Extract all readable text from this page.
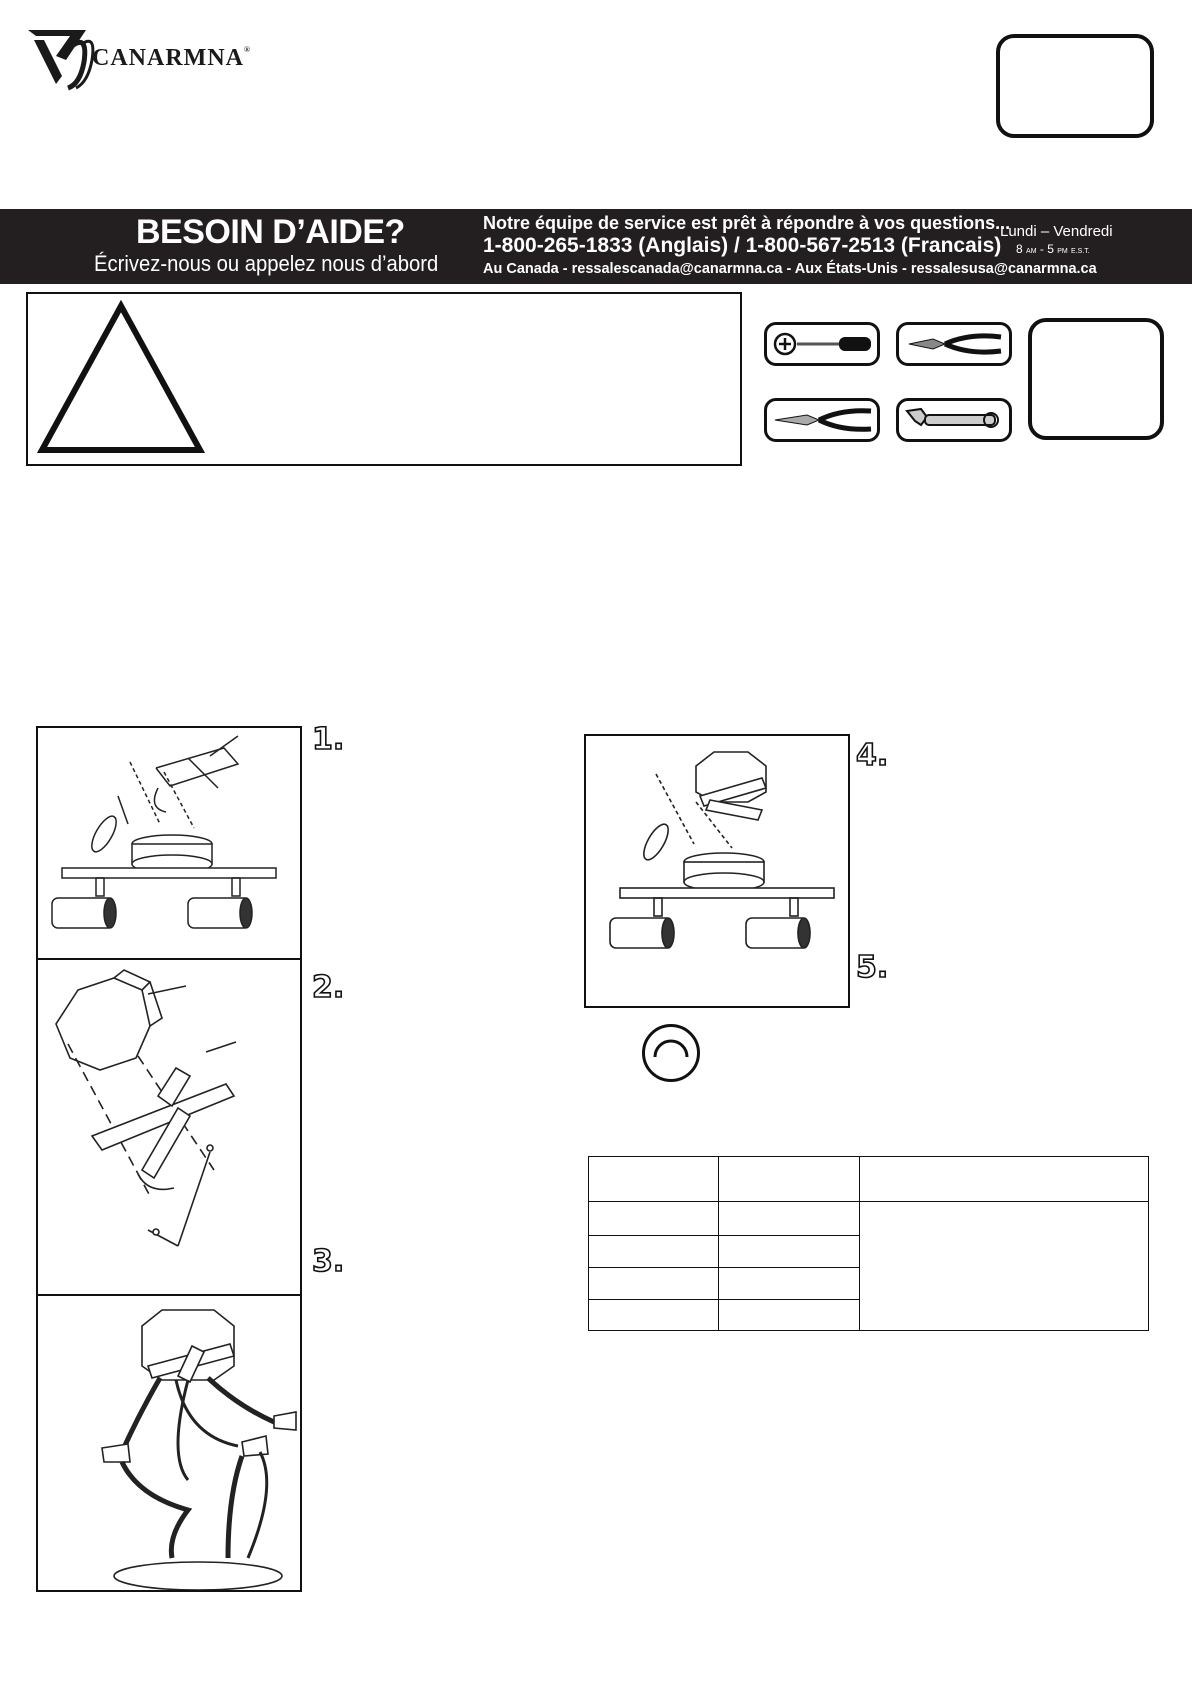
CANARMNA®
BESOIN D’AIDE?
Écrivez-nous ou appelez nous d’abord
Notre équipe de service est prêt à répondre à vos questions...
1-800-265-1833 (Anglais) / 1-800-567-2513 (Francais)
Au Canada - ressalescanada@canarmna.ca - Aux États-Unis - ressalesusa@canarmna.ca
Lundi – Vendredi
8 AM - 5 PM E.S.T.
1.
2.
3.
4.
5.
